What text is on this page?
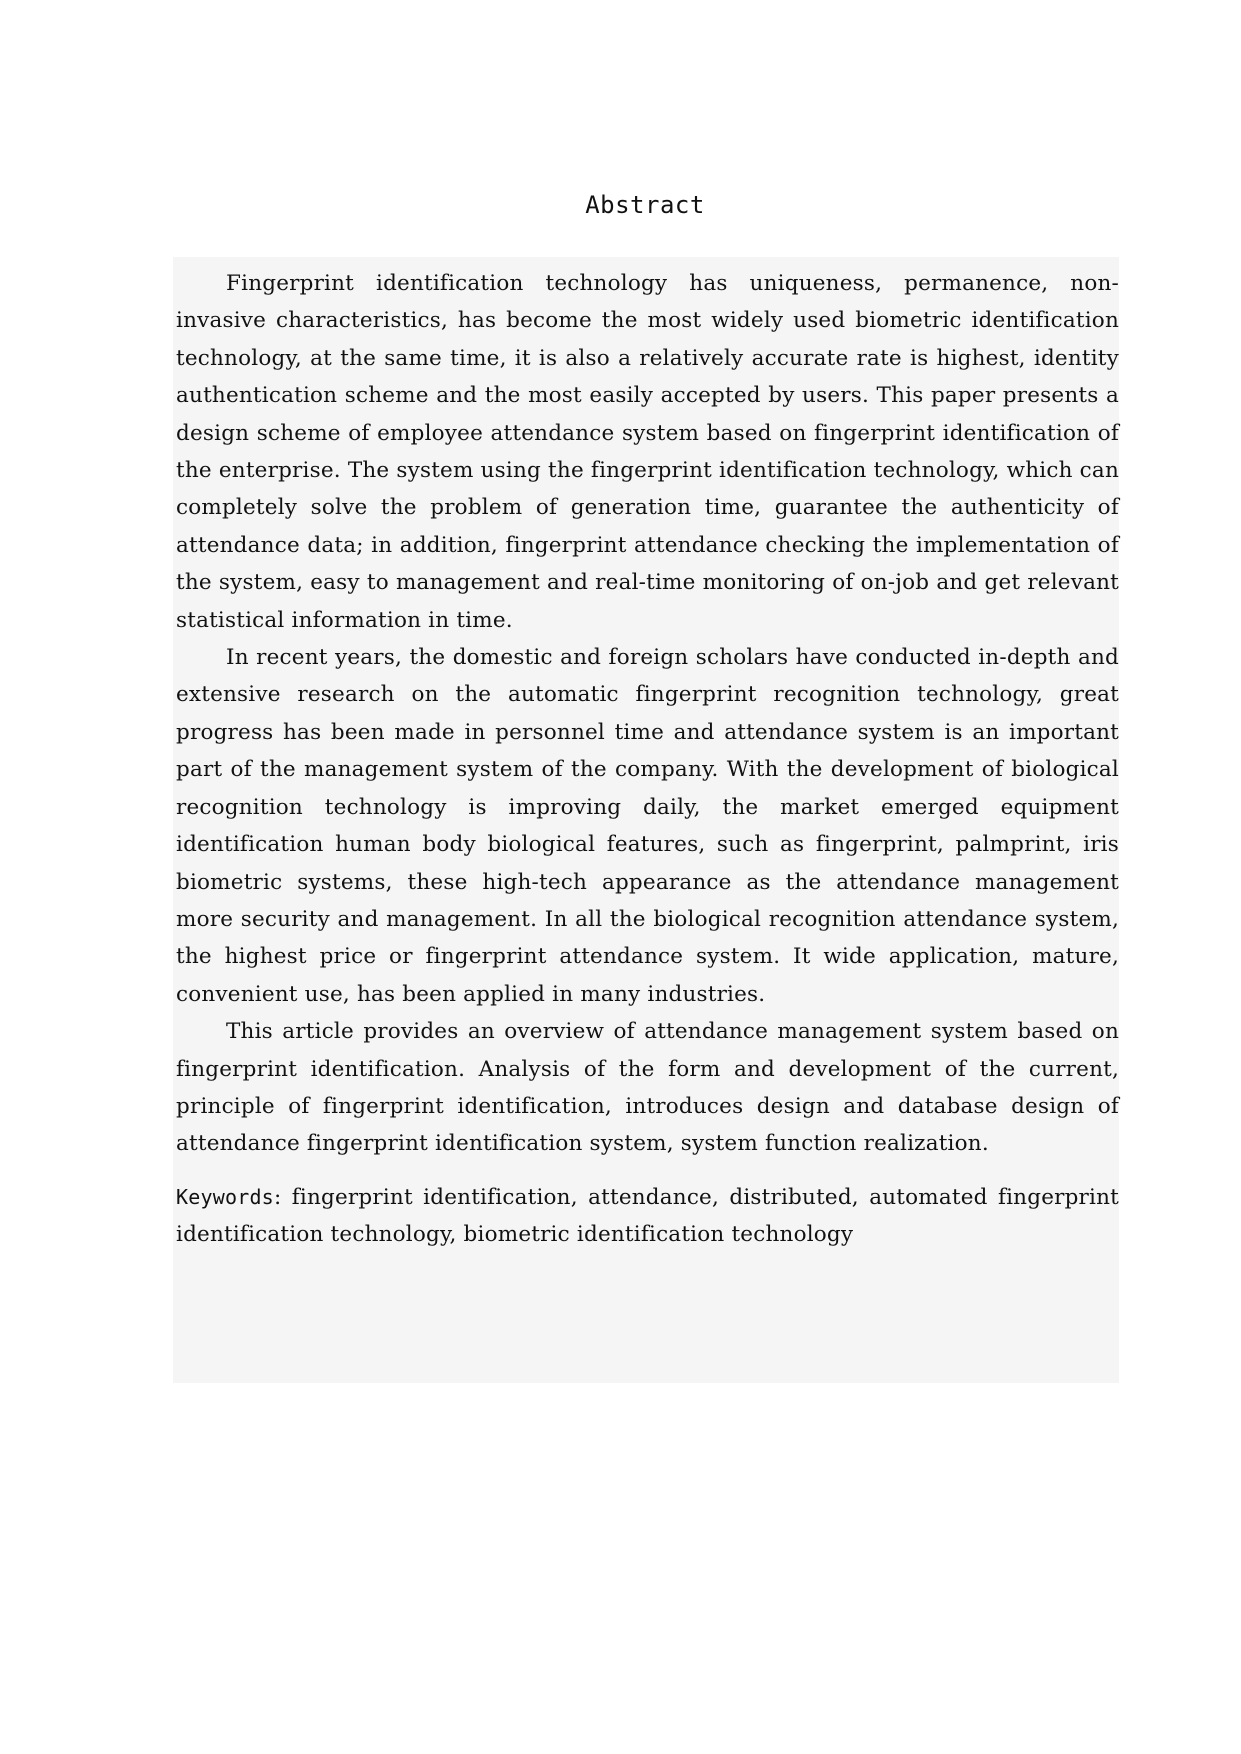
Abstract

Fingerprint identification technology has uniqueness, permanence, non-invasive characteristics, has become the most widely used biometric identification technology, at the same time, it is also a relatively accurate rate is highest, identity authentication scheme and the most easily accepted by users. This paper presents a design scheme of employee attendance system based on fingerprint identification of the enterprise. The system using the fingerprint identification technology, which can completely solve the problem of generation time, guarantee the authenticity of attendance data; in addition, fingerprint attendance checking the implementation of the system, easy to management and real-time monitoring of on-job and get relevant statistical information in time.

In recent years, the domestic and foreign scholars have conducted in-depth and extensive research on the automatic fingerprint recognition technology, great progress has been made in personnel time and attendance system is an important part of the management system of the company. With the development of biological recognition technology is improving daily, the market emerged equipment identification human body biological features, such as fingerprint, palmprint, iris biometric systems, these high-tech appearance as the attendance management more security and management. In all the biological recognition attendance system, the highest price or fingerprint attendance system. It wide application, mature, convenient use, has been applied in many industries.

This article provides an overview of attendance management system based on fingerprint identification. Analysis of the form and development of the current, principle of fingerprint identification, introduces design and database design of attendance fingerprint identification system, system function realization.

Keywords: fingerprint identification, attendance, distributed, automated fingerprint identification technology, biometric identification technology
